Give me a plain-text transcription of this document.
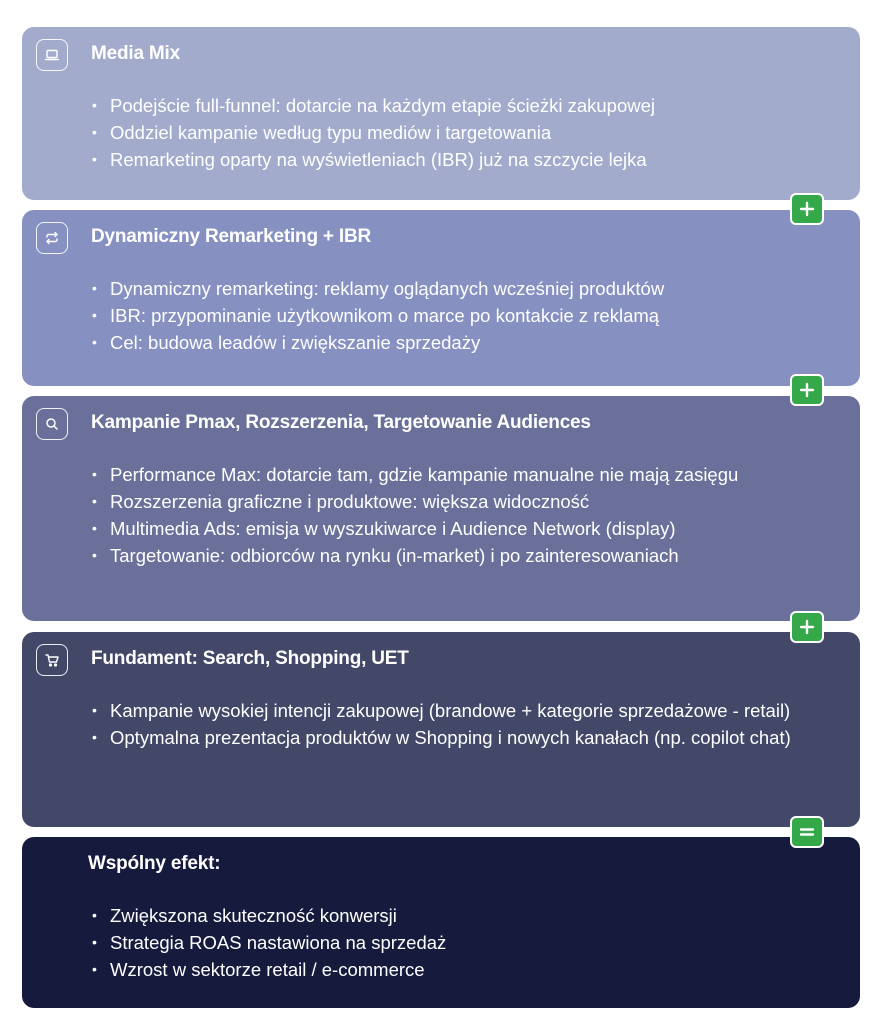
Media Mix
• Podejście full-funnel: dotarcie na każdym etapie ścieżki zakupowej
• Oddziel kampanie według typu mediów i targetowania
• Remarketing oparty na wyświetleniach (IBR) już na szczycie lejka
Dynamiczny Remarketing + IBR
• Dynamiczny remarketing: reklamy oglądanych wcześniej produktów
• IBR: przypominanie użytkownikom o marce po kontakcie z reklamą
• Cel: budowa leadów i zwiększanie sprzedaży
Kampanie Pmax, Rozszerzenia, Targetowanie Audiences
• Performance Max: dotarcie tam, gdzie kampanie manualne nie mają zasięgu
• Rozszerzenia graficzne i produktowe: większa widoczność
• Multimedia Ads: emisja w wyszukiwarce i Audience Network (display)
• Targetowanie: odbiorców na rynku (in-market) i po zainteresowaniach
Fundament: Search, Shopping, UET
• Kampanie wysokiej intencji zakupowej (brandowe + kategorie sprzedażowe - retail)
• Optymalna prezentacja produktów w Shopping i nowych kanałach (np. copilot chat)
Wspólny efekt:
• Zwiększona skuteczność konwersji
• Strategia ROAS nastawiona na sprzedaż
• Wzrost w sektorze retail / e-commerce
